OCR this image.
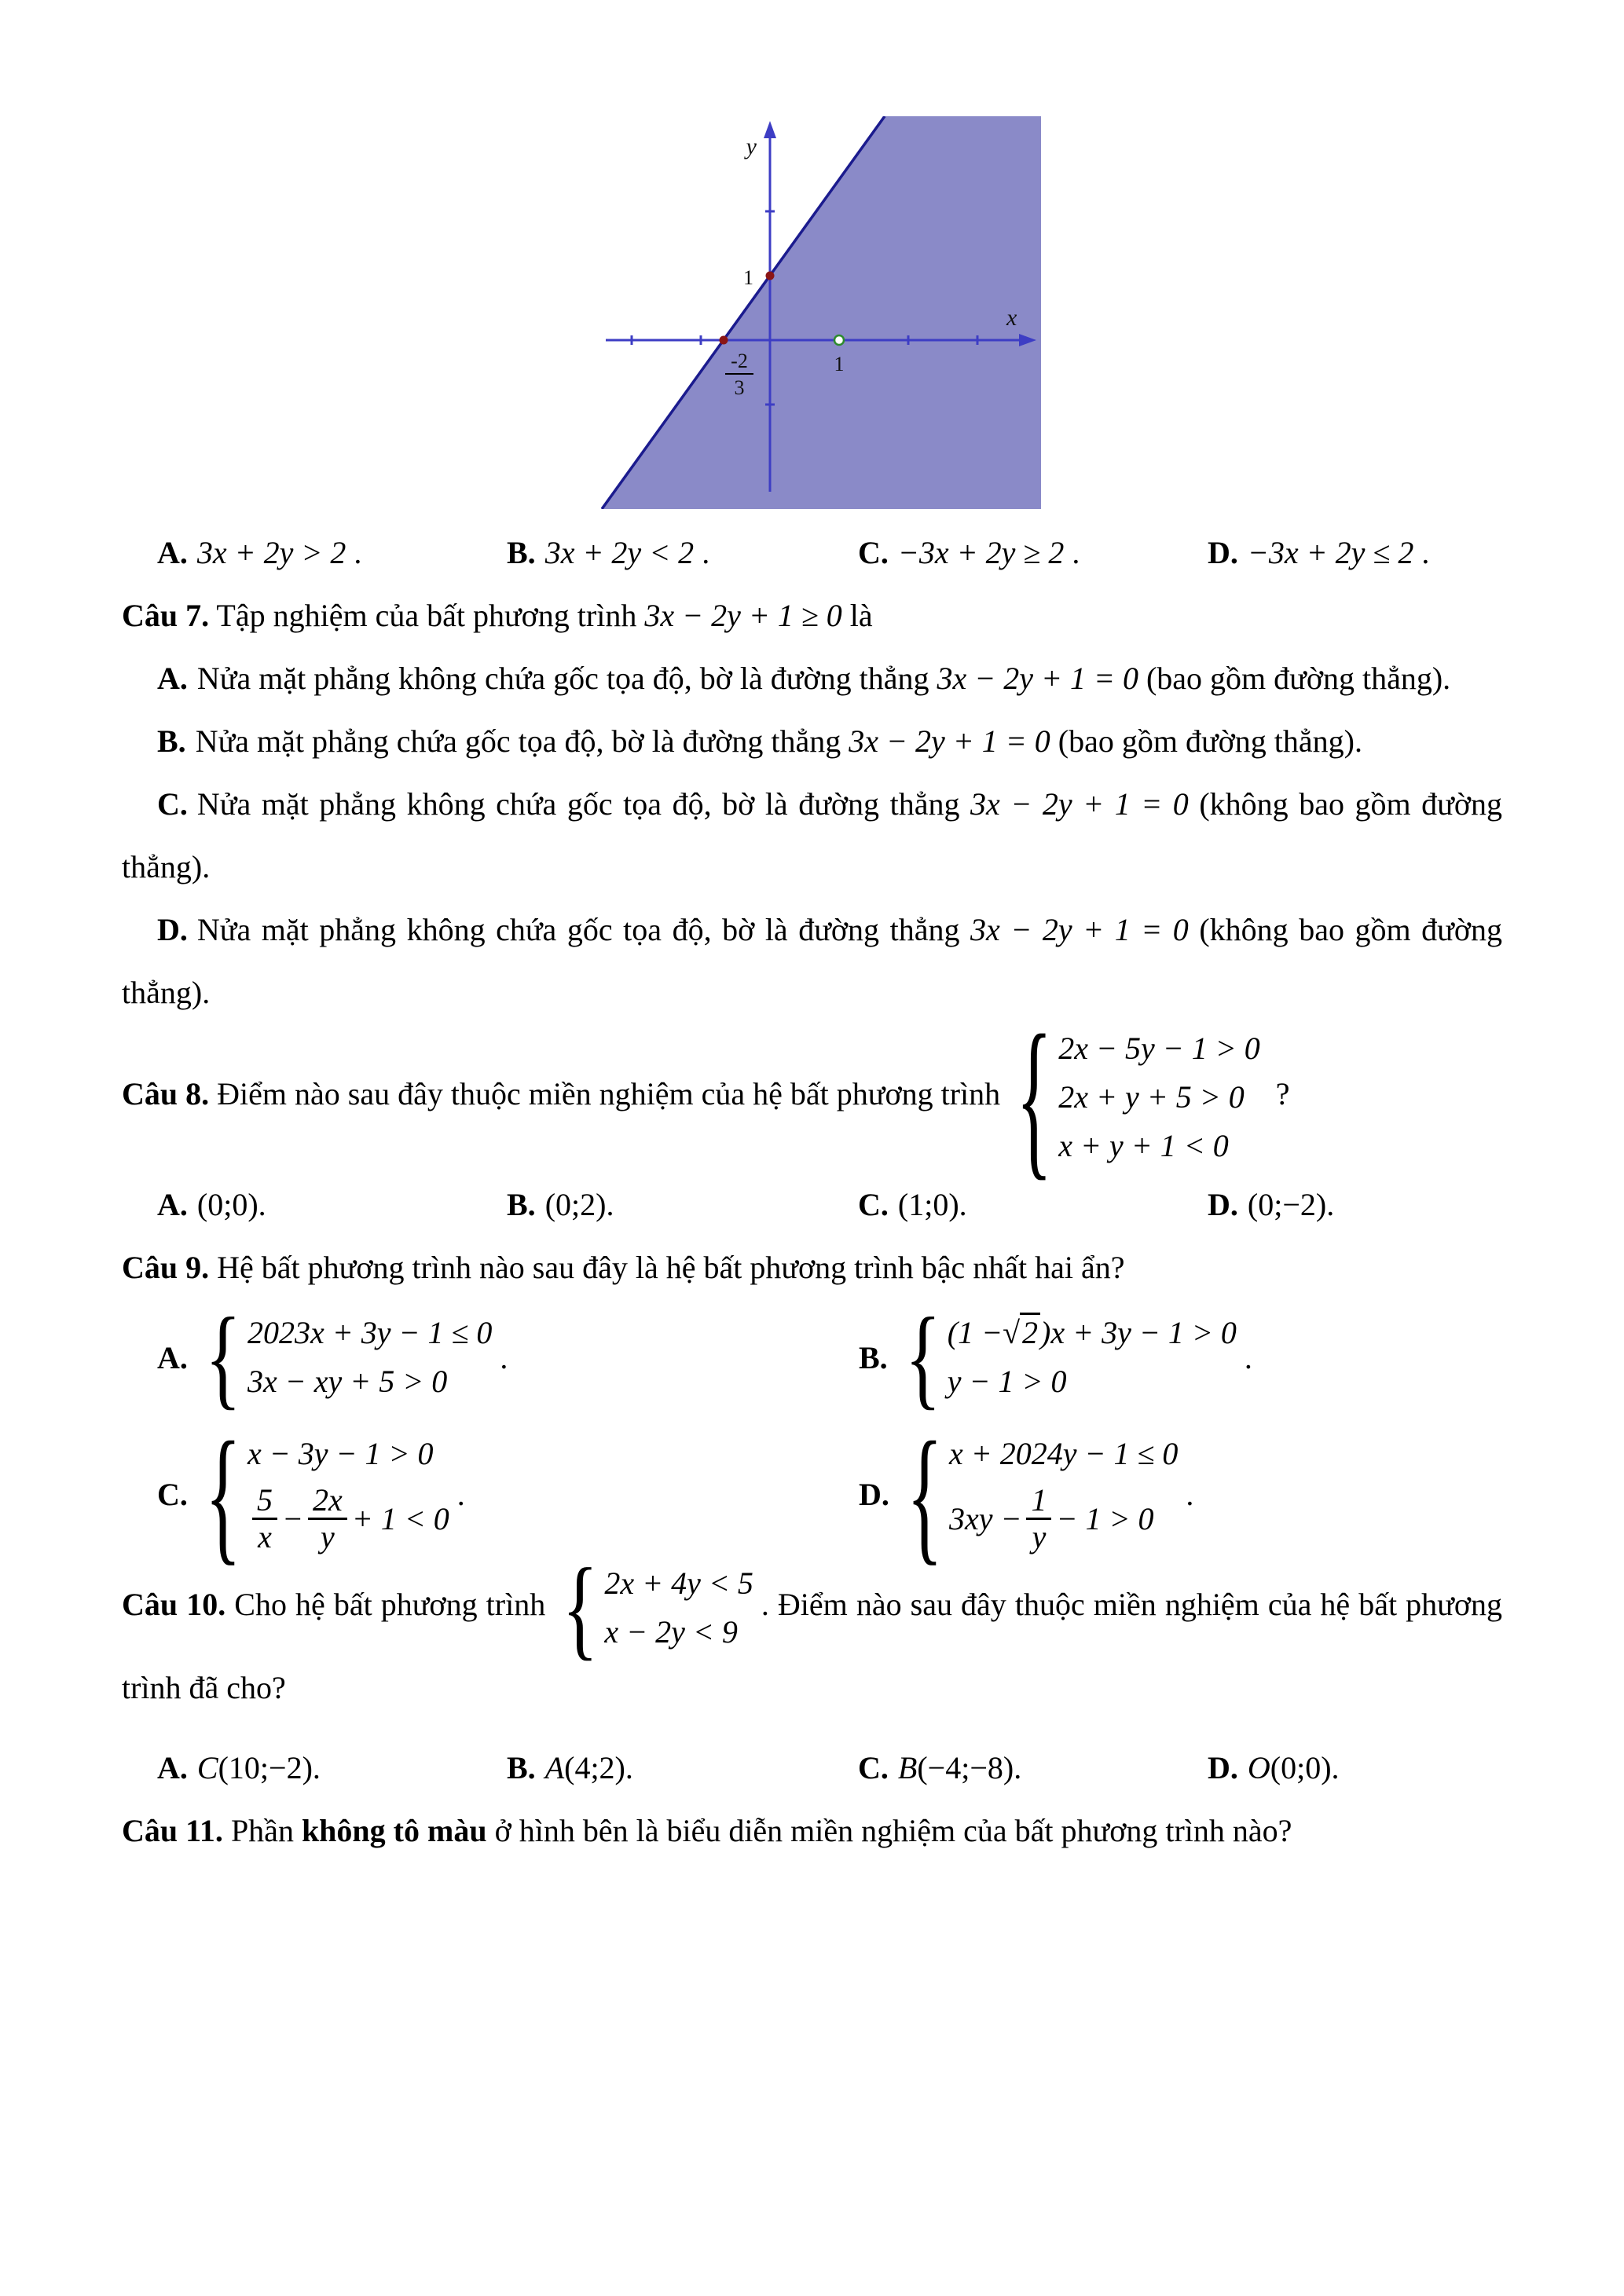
y
x
1
1
-2
3
A. 3x + 2y > 2 .	B. 3x + 2y < 2 .	C. −3x + 2y ≥ 2 .	D. −3x + 2y ≤ 2 .

Câu 7. Tập nghiệm của bất phương trình 3x − 2y + 1 ≥ 0 là

A. Nửa mặt phẳng không chứa gốc tọa độ, bờ là đường thẳng 3x − 2y + 1 = 0 (bao gồm đường thẳng).

B. Nửa mặt phẳng chứa gốc tọa độ, bờ là đường thẳng 3x − 2y + 1 = 0 (bao gồm đường thẳng).

C. Nửa mặt phẳng không chứa gốc tọa độ, bờ là đường thẳng 3x − 2y + 1 = 0 (không bao gồm đường thẳng).

D. Nửa mặt phẳng không chứa gốc tọa độ, bờ là đường thẳng 3x − 2y + 1 = 0 (không bao gồm đường thẳng).

Câu 8. Điểm nào sau đây thuộc miền nghiệm của hệ bất phương trình { 2x − 5y − 1 > 0
2x + y + 5 > 0
x + y + 1 < 0
?

A. (0;0).	B. (0;2).	C. (1;0).	D. (0;−2).

Câu 9. Hệ bất phương trình nào sau đây là hệ bất phương trình bậc nhất hai ẩn?

A. { 2023x + 3y − 1 ≤ 0
3x − xy + 5 > 0
.	B. { (1 −√2)x + 3y − 1 > 0
y − 1 > 0
.
C. { x − 3y − 1 > 0
$\frac{5}{x} - \frac{2x}{y} + 1 < 0$
.	D. { x + 2024y − 1 ≤ 0
$3xy - \frac{1}{y} - 1 > 0$
.

Câu 10. Cho hệ bất phương trình { 2x + 4y < 5
x − 2y < 9
. Điểm nào sau đây thuộc miền nghiệm của hệ bất phương trình đã cho?

A. C(10;−2).	B. A(4;2).	C. B(−4;−8).	D. O(0;0).

Câu 11. Phần không tô màu ở hình bên là biểu diễn miền nghiệm của bất phương trình nào?
